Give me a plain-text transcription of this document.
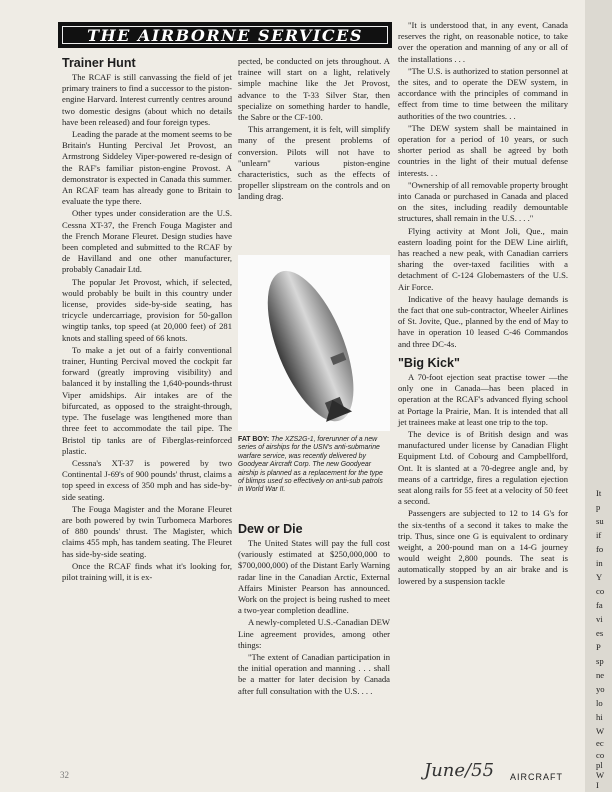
THE AIRBORNE SERVICES
Trainer Hunt

The RCAF is still canvassing the field of jet primary trainers to find a successor to the piston-engine Harvard. Interest currently centres around two domestic designs (about which no details have been released) and four foreign types.

Leading the parade at the moment seems to be Britain's Hunting Percival Jet Provost, an Armstrong Siddeley Viper-powered re-design of the RAF's familiar piston-engine Provost. A demonstrator is expected in Canada this summer. An RCAF team has already gone to Britain to evaluate the type there.

Other types under consideration are the U.S. Cessna XT-37, the French Fouga Magister and the French Morane Fleuret. Design studies have been completed and submitted to the RCAF by de Havilland and one other manufacturer, probably Canadair Ltd.

The popular Jet Provost, which, if selected, would probably be built in this country under license, provides side-by-side seating, has tricycle undercarriage, provision for 50-gallon wingtip tanks, top speed (at 20,000 feet) of 281 knots and stalling speed of 66 knots.

To make a jet out of a fairly conventional trainer, Hunting Percival moved the cockpit far forward (greatly improving visibility) and balanced it by installing the 1,640-pounds-thrust Viper amidships. Air intakes are of the bifurcated, as opposed to the straight-through, type. The fuselage was lengthened more than three feet to accommodate the tail pipe. The Bristol tip tanks are of Fiberglas-reinforced plastic.

Cessna's XT-37 is powered by two Continental J-69's of 900 pounds' thrust, claims a top speed in excess of 350 mph and has side-by-side seating.

The Fouga Magister and the Morane Fleuret are both powered by twin Turbomeca Marbores of 880 pounds' thrust. The Magister, which claims 455 mph, has tandem seating. The Fleuret has side-by-side seating.

Once the RCAF finds what it's looking for, pilot training will, it is ex-

pected, be conducted on jets throughout. A trainee will start on a light, relatively simple machine like the Jet Provost, advance to the T-33 Silver Star, then specialize on something harder to handle, the Sabre or the CF-100.

This arrangement, it is felt, will simplify many of the present problems of conversion. Pilots will not have to "unlearn" various piston-engine characteristics, such as the effects of propeller slipstream on the controls and on landing drag.

FAT BOY: The XZS2G-1, forerunner of a new series of airships for the USN's anti-submarine warfare service, was recently delivered by Goodyear Aircraft Corp. The new Goodyear airship is planned as a replacement for the type of blimps used so effectively on anti-sub patrols in World War II.
Dew or Die

The United States will pay the full cost (variously estimated at $250,000,000 to $700,000,000) of the Distant Early Warning radar line in the Canadian Arctic, External Affairs Minister Pearson has announced. Work on the project is being rushed to meet a two-year completion deadline.

A newly-completed U.S.-Canadian DEW Line agreement provides, among other things:

"The extent of Canadian participation in the initial operation and manning . . . shall be a matter for later decision by Canada after full consultation with the U.S. . . .

"It is understood that, in any event, Canada reserves the right, on reasonable notice, to take over the operation and manning of any or all of the installations . . .

"The U.S. is authorized to station personnel at the sites, and to operate the DEW system, in accordance with the principles of command in effect from time to time between the military authorities of the two countries. . .

"The DEW system shall be maintained in operation for a period of 10 years, or such shorter period as shall be agreed by both countries in the light of their mutual defense interests. . .

"Ownership of all removable property brought into Canada or purchased in Canada and placed on the sites, including readily demountable structures, shall remain in the U.S. . . ."

Flying activity at Mont Joli, Que., main eastern loading point for the DEW Line airlift, has reached a new peak, with Canadian carriers sharing the over-taxed facilities with a detachment of C-124 Globemasters of the U.S. Air Force.

Indicative of the heavy haulage demands is the fact that one sub-contractor, Wheeler Airlines of St. Jovite, Que., planned by the end of May to have in operation 10 leased C-46 Commandos and three DC-4s.

"Big Kick"

A 70-foot ejection seat practise tower —the only one in Canada—has been placed in operation at the RCAF's advanced flying school at Portage la Prairie, Man. It is intended that all jet trainees make at least one trip to the top.

The device is of British design and was manufactured under license by Canadian Flight Equipment Ltd. of Cobourg and Campbellford, Ont. It is slanted at a 70-degree angle and, by means of a cartridge, fires a regulation ejection seat along rails for 55 feet at a velocity of 50 feet a second.

Passengers are subjected to 12 to 14 G's for the six-tenths of a second it takes to make the trip. Thus, since one G is equivalent to ordinary weight, a 200-pound man on a 14-G journey would weight 2,800 pounds. The seat is automatically stopped by an air brake and is lowered by a suspension tackle

It
p
su
if
fo
in
Y
co
fa
vi
es
P
sp
ne
yo
lo
hi
W
ec
co
pl
W
I
32	June/55 AIRCRAFT
